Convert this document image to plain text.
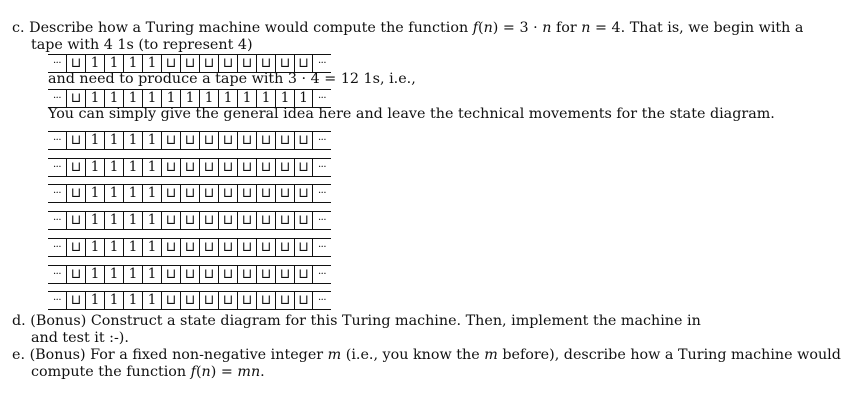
c. Describe how a Turing machine would compute the function f(n) = 3 · n for n = 4. That is, we begin with a
tape with 4 1s (to represent 4)
··· ⊔ 1 1 1 1 ⊔ ⊔ ⊔ ⊔ ⊔ ⊔ ⊔ ⊔ ···
and need to produce a tape with 3 · 4 = 12 1s, i.e.,
··· ⊔ 1 1 1 1 1 1 1 1 1 1 1 1	···
You can simply give the general idea here and leave the technical movements for the state diagram.
··· ⊔ 1 1 1 1 ⊔ ⊔ ⊔ ⊔ ⊔ ⊔ ⊔ ⊔ ···
··· ⊔ 1 1 1 1 ⊔ ⊔ ⊔ ⊔ ⊔ ⊔ ⊔ ⊔ ···
··· ⊔ 1 1 1 1 ⊔ ⊔ ⊔ ⊔ ⊔ ⊔ ⊔ ⊔ ···
··· ⊔ 1 1 1 1 ⊔ ⊔ ⊔ ⊔ ⊔ ⊔ ⊔ ⊔ ···
··· ⊔ 1 1 1 1 ⊔ ⊔ ⊔ ⊔ ⊔ ⊔ ⊔ ⊔ ···
··· ⊔ 1 1 1 1 ⊔ ⊔ ⊔ ⊔ ⊔ ⊔ ⊔ ⊔ ···
··· ⊔ 1 1 1 1 ⊔ ⊔ ⊔ ⊔ ⊔ ⊔ ⊔ ⊔ ···
d. (Bonus) Construct a state diagram for this Turing machine. Then, implement the machine in
and test it :-).
e. (Bonus) For a fixed non-negative integer m (i.e., you know the m before), describe how a Turing machine would
compute the function f(n) = mn.
